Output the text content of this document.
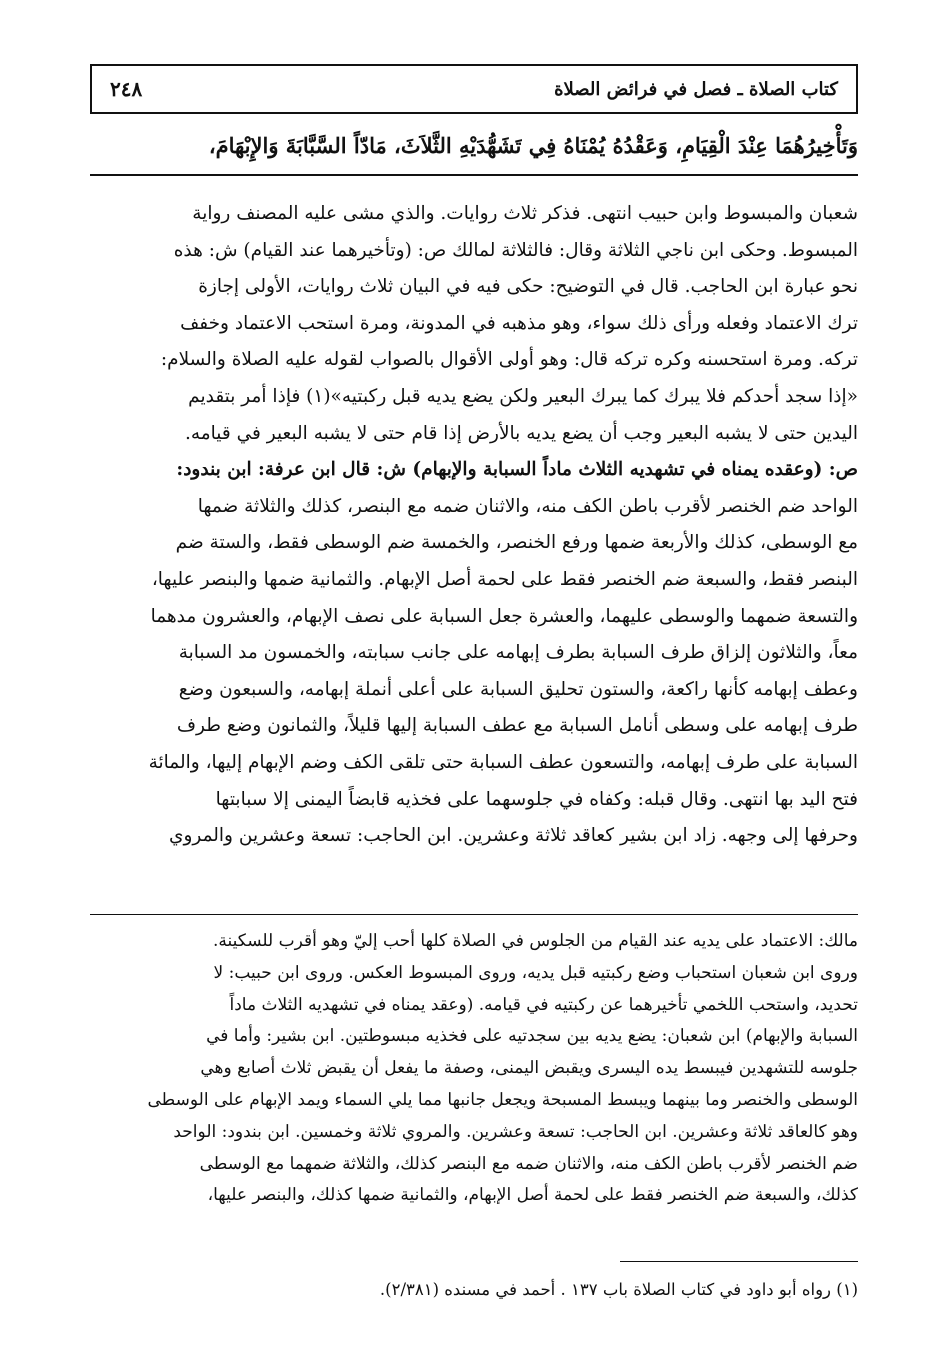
كتاب الصلاة ـ فصل في فرائض الصلاة
٢٤٨
وَتَأْخِيرُهُمَا عِنْدَ الْقِيَامِ، وَعَقْدُهُ يُمْنَاهُ فِي تَشَهُّدَيْهِ الثَّلاَثَ، مَادّاً السَّبَّابَةَ وَالإِبْهَامَ،

شعبان والمبسوط وابن حبيب انتهى. فذكر ثلاث روايات. والذي مشى عليه المصنف رواية

المبسوط. وحكى ابن ناجي الثلاثة وقال: فالثلاثة لمالك ص: (وتأخيرهما عند القيام) ش: هذه

نحو عبارة ابن الحاجب. قال في التوضيح: حكى فيه في البيان ثلاث روايات، الأولى إجازة

ترك الاعتماد وفعله ورأى ذلك سواء، وهو مذهبه في المدونة، ومرة استحب الاعتماد وخفف

تركه. ومرة استحسنه وكره تركه قال: وهو أولى الأقوال بالصواب لقوله عليه الصلاة والسلام:

«إذا سجد أحدكم فلا يبرك كما يبرك البعير ولكن يضع يديه قبل ركبتيه»(١) فإذا أمر بتقديم

اليدين حتى لا يشبه البعير وجب أن يضع يديه بالأرض إذا قام حتى لا يشبه البعير في قيامه.

ص: (وعقده يمناه في تشهديه الثلاث ماداً السبابة والإبهام) ش: قال ابن عرفة: ابن بندود:

الواحد ضم الخنصر لأقرب باطن الكف منه، والاثنان ضمه مع البنصر، كذلك والثلاثة ضمها

مع الوسطى، كذلك والأربعة ضمها ورفع الخنصر، والخمسة ضم الوسطى فقط، والستة ضم

البنصر فقط، والسبعة ضم الخنصر فقط على لحمة أصل الإبهام. والثمانية ضمها والبنصر عليها،

والتسعة ضمهما والوسطى عليهما، والعشرة جعل السبابة على نصف الإبهام، والعشرون مدهما

معاً، والثلاثون إلزاق طرف السبابة بطرف إبهامه على جانب سبابته، والخمسون مد السبابة

وعطف إبهامه كأنها راكعة، والستون تحليق السبابة على أعلى أنملة إبهامه، والسبعون وضع

طرف إبهامه على وسطى أنامل السبابة مع عطف السبابة إليها قليلاً، والثمانون وضع طرف

السبابة على طرف إبهامه، والتسعون عطف السبابة حتى تلقى الكف وضم الإبهام إليها، والمائة

فتح اليد بها انتهى. وقال قبله: وكفاه في جلوسهما على فخذيه قابضاً اليمنى إلا سبابتها

وحرفها إلى وجهه. زاد ابن بشير كعاقد ثلاثة وعشرين. ابن الحاجب: تسعة وعشرين والمروي

مالك: الاعتماد على يديه عند القيام من الجلوس في الصلاة كلها أحب إليّ وهو أقرب للسكينة.

وروى ابن شعبان استحباب وضع ركبتيه قبل يديه، وروى المبسوط العكس. وروى ابن حبيب: لا

تحديد، واستحب اللخمي تأخيرهما عن ركبتيه في قيامه. (وعقد يمناه في تشهديه الثلاث ماداً

السبابة والإبهام) ابن شعبان: يضع يديه بين سجدتيه على فخذيه مبسوطتين. ابن بشير: وأما في

جلوسه للتشهدين فيبسط يده اليسرى ويقبض اليمنى، وصفة ما يفعل أن يقبض ثلاث أصابع وهي

الوسطى والخنصر وما بينهما ويبسط المسبحة ويجعل جانبها مما يلي السماء ويمد الإبهام على الوسطى

وهو كالعاقد ثلاثة وعشرين. ابن الحاجب: تسعة وعشرين. والمروي ثلاثة وخمسين. ابن بندود: الواحد

ضم الخنصر لأقرب باطن الكف منه، والاثنان ضمه مع البنصر كذلك، والثلاثة ضمهما مع الوسطى

كذلك، والسبعة ضم الخنصر فقط على لحمة أصل الإبهام، والثمانية ضمها كذلك، والبنصر عليها،

(١) رواه أبو داود في كتاب الصلاة باب ١٣٧ . أحمد في مسنده (٢/٣٨١).
